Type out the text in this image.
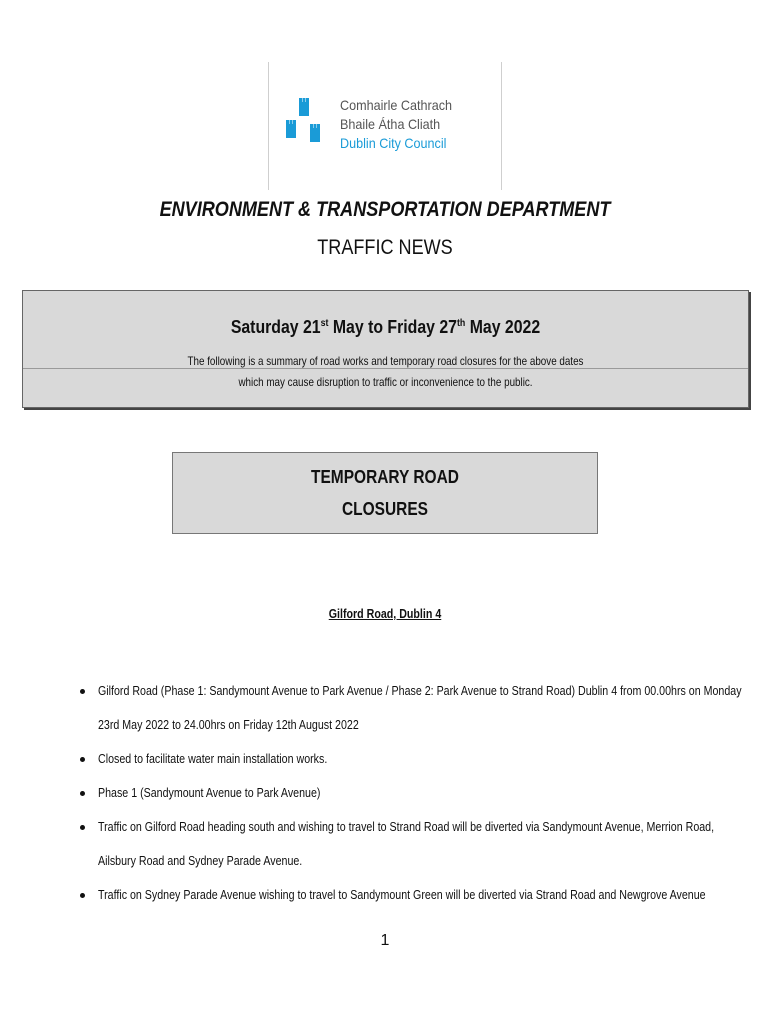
Comhairle Cathrach
Bhaile Átha Cliath
Dublin City Council
ENVIRONMENT & TRANSPORTATION DEPARTMENT
TRAFFIC NEWS
Saturday 21st May to Friday 27th May 2022
The following is a summary of road works and temporary road closures for the above dates
which may cause disruption to traffic or inconvenience to the public.
TEMPORARY ROAD
CLOSURES
Gilford Road, Dublin 4
Gilford Road (Phase 1: Sandymount Avenue to Park Avenue / Phase 2: Park Avenue to Strand Road) Dublin 4 from 00.00hrs on Monday 23rd May 2022 to 24.00hrs on Friday 12th August 2022
Closed to facilitate water main installation works.
Phase 1 (Sandymount Avenue to Park Avenue)
Traffic on Gilford Road heading south and wishing to travel to Strand Road will be diverted via Sandymount Avenue, Merrion Road, Ailsbury Road and Sydney Parade Avenue.
Traffic on Sydney Parade Avenue wishing to travel to Sandymount Green will be diverted via Strand Road and Newgrove Avenue
1
